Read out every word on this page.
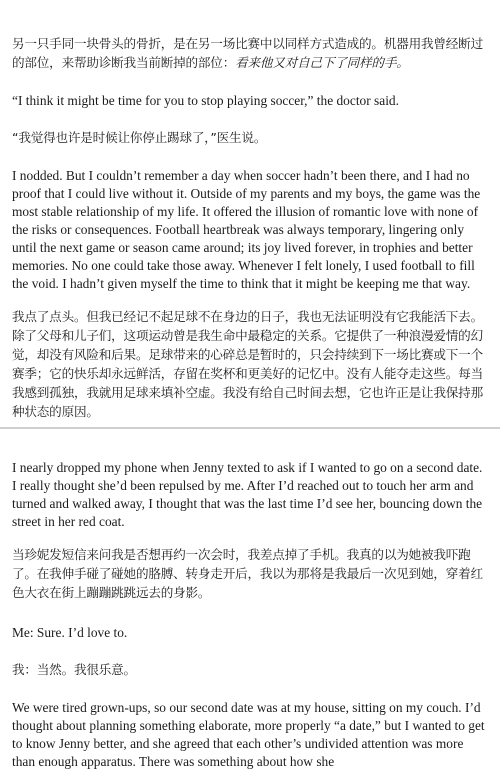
另一只手同一块骨头的骨折，是在另一场比赛中以同样方式造成的。机器用我曾经断过的部位，来帮助诊断我当前断掉的部位：看来他又对自己下了同样的手。

“I think it might be time for you to stop playing soccer,” the doctor said.

“我觉得也许是时候让你停止踢球了，”医生说。

I nodded. But I couldn’t remember a day when soccer hadn’t been there, and I had no proof that I could live without it. Outside of my parents and my boys, the game was the most stable relationship of my life. It offered the illusion of romantic love with none of the risks or consequences. Football heartbreak was always temporary, lingering only until the next game or season came around; its joy lived forever, in trophies and better memories. No one could take those away. Whenever I felt lonely, I used football to fill the void. I hadn’t given myself the time to think that it might be keeping me that way.

我点了点头。但我已经记不起足球不在身边的日子，我也无法证明没有它我能活下去。除了父母和儿子们，这项运动曾是我生命中最稳定的关系。它提供了一种浪漫爱情的幻觉，却没有风险和后果。足球带来的心碎总是暂时的，只会持续到下一场比赛或下一个赛季；它的快乐却永远鲜活，存留在奖杯和更美好的记忆中。没有人能夺走这些。每当我感到孤独，我就用足球来填补空虚。我没有给自己时间去想，它也许正是让我保持那种状态的原因。

I nearly dropped my phone when Jenny texted to ask if I wanted to go on a second date. I really thought she’d been repulsed by me. After I’d reached out to touch her arm and turned and walked away, I thought that was the last time I’d see her, bouncing down the street in her red coat.

当珍妮发短信来问我是否想再约一次会时，我差点掉了手机。我真的以为她被我吓跑了。在我伸手碰了碰她的胳膊、转身走开后，我以为那将是我最后一次见到她，穿着红色大衣在街上蹦蹦跳跳远去的身影。

Me: Sure. I’d love to.

我：当然。我很乐意。

We were tired grown-ups, so our second date was at my house, sitting on my couch. I’d thought about planning something elaborate, more properly “a date,” but I wanted to get to know Jenny better, and she agreed that each other’s undivided attention was more than enough apparatus. There was something about how she
